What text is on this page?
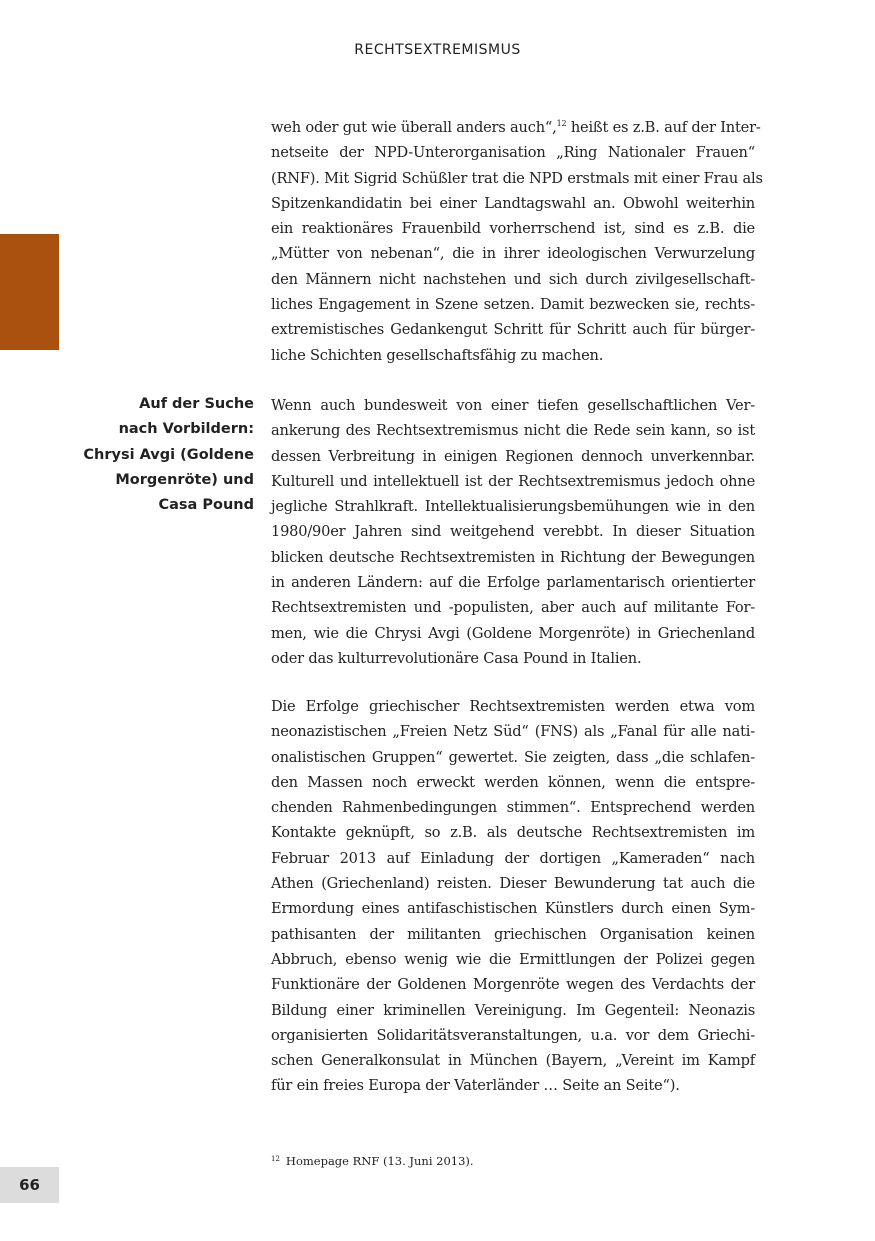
RECHTSEXTREMISMUS
weh oder gut wie überall anders auch“,$^{12}$ heißt es z.B. auf der Inter-
netseite der NPD-Unterorganisation „Ring Nationaler Frauen“
(RNF). Mit Sigrid Schüßler trat die NPD erstmals mit einer Frau als
Spitzenkandidatin bei einer Landtagswahl an. Obwohl weiterhin
ein reaktionäres Frauenbild vorherrschend ist, sind es z.B. die
„Mütter von nebenan“, die in ihrer ideologischen Verwurzelung
den Männern nicht nachstehen und sich durch zivilgesellschaft-
liches Engagement in Szene setzen. Damit bezwecken sie, rechts-
extremistisches Gedankengut Schritt für Schritt auch für bürger-
liche Schichten gesellschaftsfähig zu machen.
Auf der Suche
nach Vorbildern:
Chrysi Avgi (Goldene
Morgenröte) und
Casa Pound
Wenn auch bundesweit von einer tiefen gesellschaftlichen Ver-
ankerung des Rechtsextremismus nicht die Rede sein kann, so ist
dessen Verbreitung in einigen Regionen dennoch unverkennbar.
Kulturell und intellektuell ist der Rechtsextremismus jedoch ohne
jegliche Strahlkraft. Intellektualisierungsbemühungen wie in den
1980/90er Jahren sind weitgehend verebbt. In dieser Situation
blicken deutsche Rechtsextremisten in Richtung der Bewegungen
in anderen Ländern: auf die Erfolge parlamentarisch orientierter
Rechtsextremisten und -populisten, aber auch auf militante For-
men, wie die Chrysi Avgi (Goldene Morgenröte) in Griechenland
oder das kulturrevolutionäre Casa Pound in Italien.
Die Erfolge griechischer Rechtsextremisten werden etwa vom
neonazistischen „Freien Netz Süd“ (FNS) als „Fanal für alle nati-
onalistischen Gruppen“ gewertet. Sie zeigten, dass „die schlafen-
den Massen noch erweckt werden können, wenn die entspre-
chenden Rahmenbedingungen stimmen“. Entsprechend werden
Kontakte geknüpft, so z.B. als deutsche Rechtsextremisten im
Februar 2013 auf Einladung der dortigen „Kameraden“ nach
Athen (Griechenland) reisten. Dieser Bewunderung tat auch die
Ermordung eines antifaschistischen Künstlers durch einen Sym-
pathisanten der militanten griechischen Organisation keinen
Abbruch, ebenso wenig wie die Ermittlungen der Polizei gegen
Funktionäre der Goldenen Morgenröte wegen des Verdachts der
Bildung einer kriminellen Vereinigung. Im Gegenteil: Neonazis
organisierten Solidaritätsveranstaltungen, u.a. vor dem Griechi-
schen Generalkonsulat in München (Bayern, „Vereint im Kampf
für ein freies Europa der Vaterländer … Seite an Seite“).
$^{12}$ Homepage RNF (13. Juni 2013).
66
